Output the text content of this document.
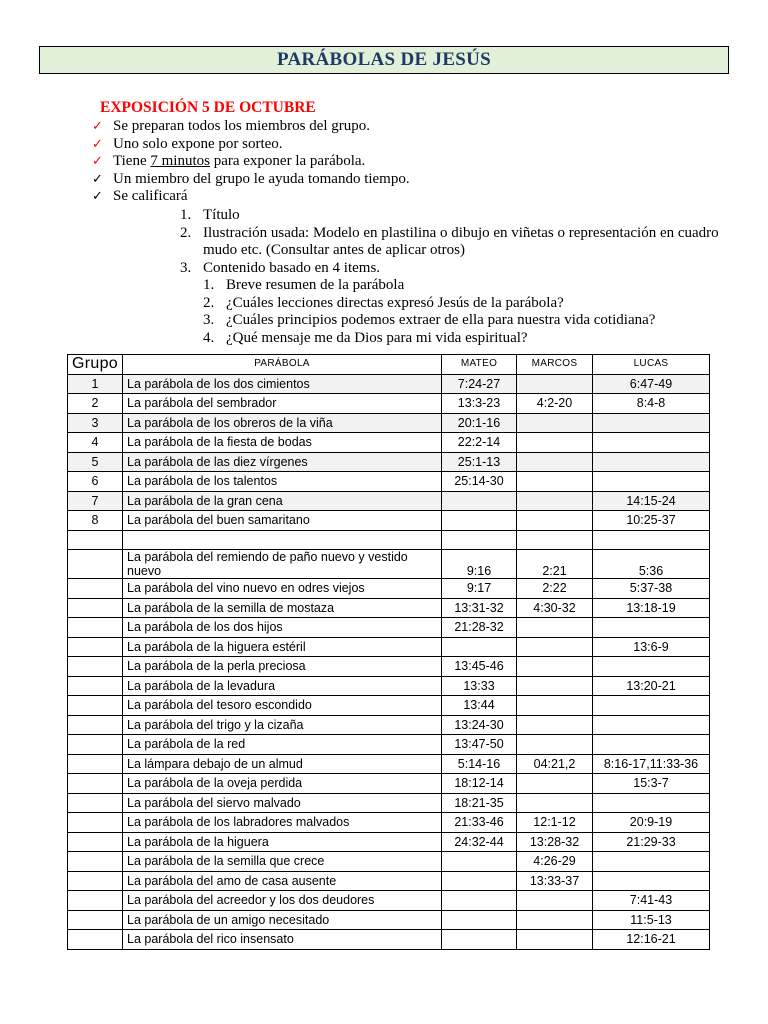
PARÁBOLAS DE JESÚS
EXPOSICIÓN 5 DE OCTUBRE
✓ Se preparan todos los miembros del grupo.
✓ Uno solo expone por sorteo.
✓ Tiene 7 minutos para exponer la parábola.
✓ Un miembro del grupo le ayuda tomando tiempo.
✓ Se calificará
1. Título
2. Ilustración usada: Modelo en plastilina o dibujo en viñetas o representación en cuadro mudo etc. (Consultar antes de aplicar otros)
3. Contenido basado en 4 items.
1. Breve resumen de la parábola
2. ¿Cuáles lecciones directas expresó Jesús de la parábola?
3. ¿Cuáles principios podemos extraer de ella para nuestra vida cotidiana?
4. ¿Qué mensaje me da Dios para mi vida espiritual?
Grupo	PARÁBOLA	MATEO	MARCOS	LUCAS
1	La parábola de los dos cimientos	7:24-27		6:47-49
2	La parábola del sembrador	13:3-23	4:2-20	8:4-8
3	La parábola de los obreros de la viña	20:1-16		
4	La parábola de la fiesta de bodas	22:2-14		
5	La parábola de las diez vírgenes	25:1-13		
6	La parábola de los talentos	25:14-30		
7	La parábola de la gran cena			14:15-24
8	La parábola del buen samaritano			10:25-37

	La parábola del remiendo de paño nuevo y vestido nuevo	9:16	2:21	5:36
	La parábola del vino nuevo en odres viejos	9:17	2:22	5:37-38
	La parábola de la semilla de mostaza	13:31-32	4:30-32	13:18-19
	La parábola de los dos hijos	21:28-32		
	La parábola de la higuera estéril			13:6-9
	La parábola de la perla preciosa	13:45-46		
	La parábola de la levadura	13:33		13:20-21
	La parábola del tesoro escondido	13:44		
	La parábola del trigo y la cizaña	13:24-30		
	La parábola de la red	13:47-50		
	La lámpara debajo de un almud	5:14-16	04:21,2	8:16-17,11:33-36
	La parábola de la oveja perdida	18:12-14		15:3-7
	La parábola del siervo malvado	18:21-35		
	La parábola de los labradores malvados	21:33-46	12:1-12	20:9-19
	La parábola de la higuera	24:32-44	13:28-32	21:29-33
	La parábola de la semilla que crece		4:26-29	
	La parábola del amo de casa ausente		13:33-37	
	La parábola del acreedor y los dos deudores			7:41-43
	La parábola de un amigo necesitado			11:5-13
	La parábola del rico insensato			12:16-21
